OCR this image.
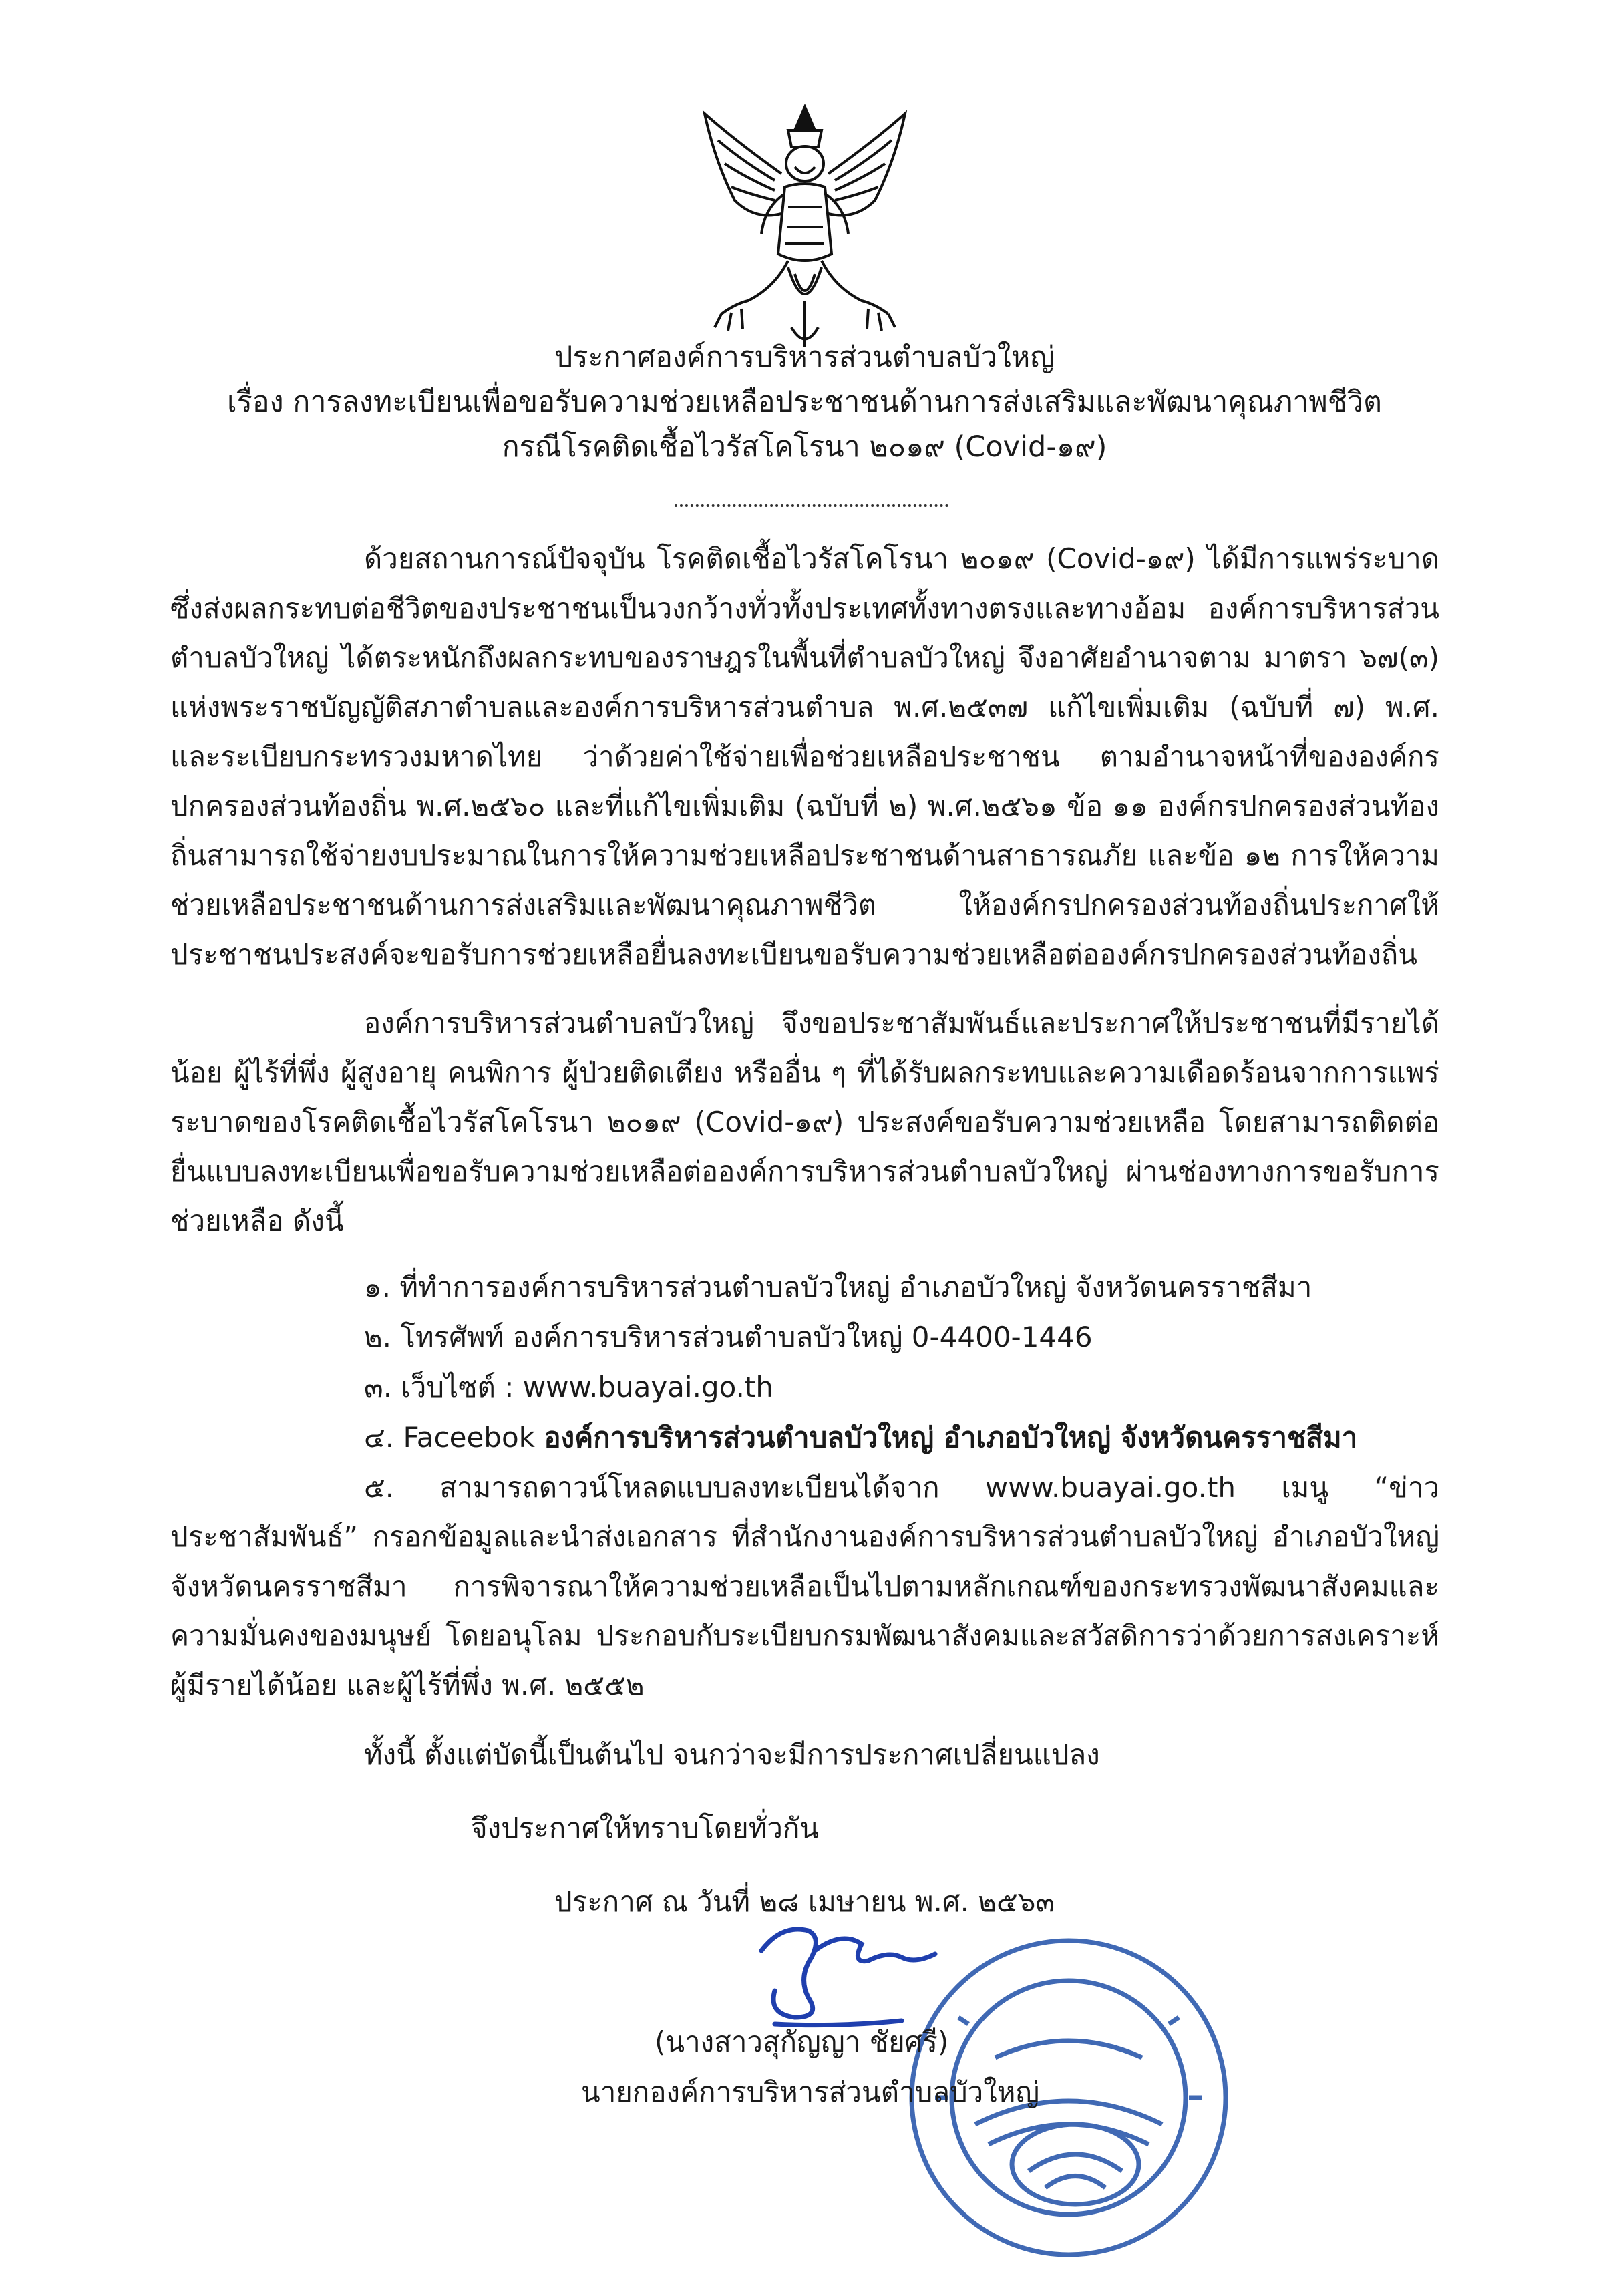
ประกาศองค์การบริหารส่วนตำบลบัวใหญ่
เรื่อง การลงทะเบียนเพื่อขอรับความช่วยเหลือประชาชนด้านการส่งเสริมและพัฒนาคุณภาพชีวิต
กรณีโรคติดเชื้อไวรัสโคโรนา ๒๐๑๙ (Covid-๑๙)
ด้วยสถานการณ์ปัจจุบัน โรคติดเชื้อไวรัสโคโรนา ๒๐๑๙ (Covid-๑๙) ได้มีการแพร่ระบาด ซึ่งส่งผลกระทบต่อชีวิตของประชาชนเป็นวงกว้างทั่วทั้งประเทศทั้งทางตรงและทางอ้อม องค์การบริหารส่วนตำบลบัวใหญ่ ได้ตระหนักถึงผลกระทบของราษฎรในพื้นที่ตำบลบัวใหญ่ จึงอาศัยอำนาจตาม มาตรา ๖๗(๓) แห่งพระราชบัญญัติสภาตำบลและองค์การบริหารส่วนตำบล พ.ศ.๒๕๓๗ แก้ไขเพิ่มเติม (ฉบับที่ ๗) พ.ศ. และระเบียบกระทรวงมหาดไทย ว่าด้วยค่าใช้จ่ายเพื่อช่วยเหลือประชาชน ตามอำนาจหน้าที่ขององค์กรปกครองส่วนท้องถิ่น พ.ศ.๒๕๖๐ และที่แก้ไขเพิ่มเติม (ฉบับที่ ๒) พ.ศ.๒๕๖๑ ข้อ ๑๑ องค์กรปกครองส่วนท้องถิ่นสามารถใช้จ่ายงบประมาณในการให้ความช่วยเหลือประชาชนด้านสาธารณภัย และข้อ ๑๒ การให้ความช่วยเหลือประชาชนด้านการส่งเสริมและพัฒนาคุณภาพชีวิต ให้องค์กรปกครองส่วนท้องถิ่นประกาศให้ประชาชนประสงค์จะขอรับการช่วยเหลือยื่นลงทะเบียนขอรับความช่วยเหลือต่อองค์กรปกครองส่วนท้องถิ่น
องค์การบริหารส่วนตำบลบัวใหญ่ จึงขอประชาสัมพันธ์และประกาศให้ประชาชนที่มีรายได้น้อย ผู้ไร้ที่พึ่ง ผู้สูงอายุ คนพิการ ผู้ป่วยติดเตียง หรืออื่น ๆ ที่ได้รับผลกระทบและความเดือดร้อนจากการแพร่ระบาดของโรคติดเชื้อไวรัสโคโรนา ๒๐๑๙ (Covid-๑๙) ประสงค์ขอรับความช่วยเหลือ โดยสามารถติดต่อยื่นแบบลงทะเบียนเพื่อขอรับความช่วยเหลือต่อองค์การบริหารส่วนตำบลบัวใหญ่ ผ่านช่องทางการขอรับการช่วยเหลือ ดังนี้
๑. ที่ทำการองค์การบริหารส่วนตำบลบัวใหญ่ อำเภอบัวใหญ่ จังหวัดนครราชสีมา
๒. โทรศัพท์ องค์การบริหารส่วนตำบลบัวใหญ่ 0-4400-1446
๓. เว็บไซต์ : www.buayai.go.th
๔. Faceebok องค์การบริหารส่วนตำบลบัวใหญ่ อำเภอบัวใหญ่ จังหวัดนครราชสีมา
๕. สามารถดาวน์โหลดแบบลงทะเบียนได้จาก www.buayai.go.th เมนู “ข่าวประชาสัมพันธ์” กรอกข้อมูลและนำส่งเอกสาร ที่สำนักงานองค์การบริหารส่วนตำบลบัวใหญ่ อำเภอบัวใหญ่ จังหวัดนครราชสีมา การพิจารณาให้ความช่วยเหลือเป็นไปตามหลักเกณฑ์ของกระทรวงพัฒนาสังคมและความมั่นคงของมนุษย์ โดยอนุโลม ประกอบกับระเบียบกรมพัฒนาสังคมและสวัสดิการว่าด้วยการสงเคราะห์ผู้มีรายได้น้อย และผู้ไร้ที่พึ่ง พ.ศ. ๒๕๕๒
ทั้งนี้ ตั้งแต่บัดนี้เป็นต้นไป จนกว่าจะมีการประกาศเปลี่ยนแปลง
จึงประกาศให้ทราบโดยทั่วกัน
ประกาศ ณ วันที่ ๒๘ เมษายน พ.ศ. ๒๕๖๓
(นางสาวสุกัญญา ชัยศรี)
นายกองค์การบริหารส่วนตำบลบัวใหญ่
